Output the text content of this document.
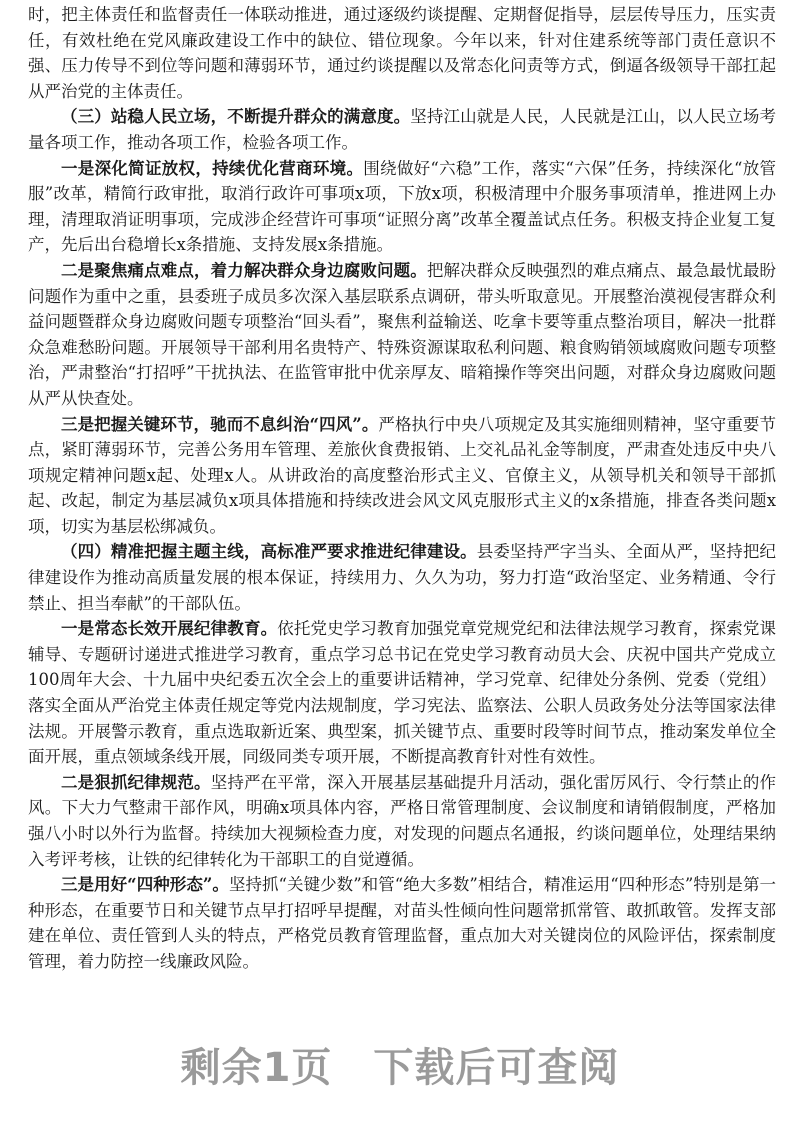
时，把主体责任和监督责任一体联动推进，通过逐级约谈提醒、定期督促指导，层层传导压力，压实责任，有效杜绝在党风廉政建设工作中的缺位、错位现象。今年以来，针对住建系统等部门责任意识不强、压力传导不到位等问题和薄弱环节，通过约谈提醒以及常态化问责等方式，倒逼各级领导干部扛起从严治党的主体责任。

（三）站稳人民立场，不断提升群众的满意度。坚持江山就是人民，人民就是江山，以人民立场考量各项工作，推动各项工作，检验各项工作。

一是深化简证放权，持续优化营商环境。围绕做好“六稳”工作，落实“六保”任务，持续深化“放管服”改革，精简行政审批，取消行政许可事项x项，下放x项，积极清理中介服务事项清单，推进网上办理，清理取消证明事项，完成涉企经营许可事项“证照分离”改革全覆盖试点任务。积极支持企业复工复产，先后出台稳增长x条措施、支持发展x条措施。

二是聚焦痛点难点，着力解决群众身边腐败问题。把解决群众反映强烈的难点痛点、最急最忧最盼问题作为重中之重，县委班子成员多次深入基层联系点调研，带头听取意见。开展整治漠视侵害群众利益问题暨群众身边腐败问题专项整治“回头看”，聚焦利益输送、吃拿卡要等重点整治项目，解决一批群众急难愁盼问题。开展领导干部利用名贵特产、特殊资源谋取私利问题、粮食购销领域腐败问题专项整治，严肃整治“打招呼”干扰执法、在监管审批中优亲厚友、暗箱操作等突出问题，对群众身边腐败问题从严从快查处。

三是把握关键环节，驰而不息纠治“四风”。严格执行中央八项规定及其实施细则精神，坚守重要节点，紧盯薄弱环节，完善公务用车管理、差旅伙食费报销、上交礼品礼金等制度，严肃查处违反中央八项规定精神问题x起、处理x人。从讲政治的高度整治形式主义、官僚主义，从领导机关和领导干部抓起、改起，制定为基层减负x项具体措施和持续改进会风文风克服形式主义的x条措施，排查各类问题x项，切实为基层松绑减负。

（四）精准把握主题主线，高标准严要求推进纪律建设。县委坚持严字当头、全面从严，坚持把纪律建设作为推动高质量发展的根本保证，持续用力、久久为功，努力打造“政治坚定、业务精通、令行禁止、担当奉献”的干部队伍。

一是常态长效开展纪律教育。依托党史学习教育加强党章党规党纪和法律法规学习教育，探索党课辅导、专题研讨递进式推进学习教育，重点学习总书记在党史学习教育动员大会、庆祝中国共产党成立100周年大会、十九届中央纪委五次全会上的重要讲话精神，学习党章、纪律处分条例、党委（党组）落实全面从严治党主体责任规定等党内法规制度，学习宪法、监察法、公职人员政务处分法等国家法律法规。开展警示教育，重点选取新近案、典型案，抓关键节点、重要时段等时间节点，推动案发单位全面开展，重点领域条线开展，同级同类专项开展，不断提高教育针对性有效性。

二是狠抓纪律规范。坚持严在平常，深入开展基层基础提升月活动，强化雷厉风行、令行禁止的作风。下大力气整肃干部作风，明确x项具体内容，严格日常管理制度、会议制度和请销假制度，严格加强八小时以外行为监督。持续加大视频检查力度，对发现的问题点名通报，约谈问题单位，处理结果纳入考评考核，让铁的纪律转化为干部职工的自觉遵循。

三是用好“四种形态”。坚持抓“关键少数”和管“绝大多数”相结合，精准运用“四种形态”特别是第一种形态，在重要节日和关键节点早打招呼早提醒，对苗头性倾向性问题常抓常管、敢抓敢管。发挥支部建在单位、责任管到人头的特点，严格党员教育管理监督，重点加大对关键岗位的风险评估，探索制度管理，着力防控一线廉政风险。

剩余1页　下载后可查阅
